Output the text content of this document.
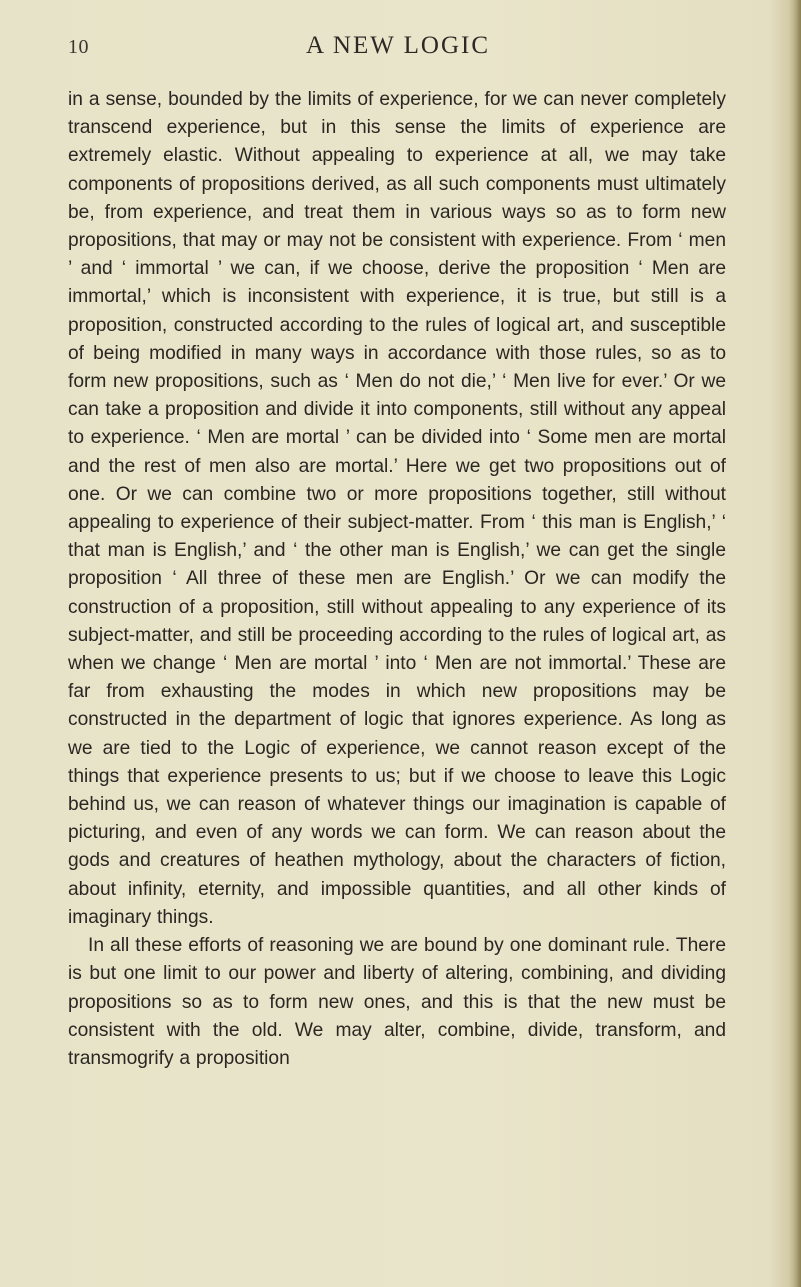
10	A NEW LOGIC

in a sense, bounded by the limits of experience, for we can never completely transcend experience, but in this sense the limits of experience are extremely elastic. Without appealing to experience at all, we may take components of propositions derived, as all such components must ultimately be, from experience, and treat them in various ways so as to form new propositions, that may or may not be consistent with experience. From ‘ men ’ and ‘ immortal ’ we can, if we choose, derive the proposition ‘ Men are immortal,’ which is inconsistent with experience, it is true, but still is a proposition, constructed according to the rules of logical art, and susceptible of being modified in many ways in accordance with those rules, so as to form new propositions, such as ‘ Men do not die,’ ‘ Men live for ever.’ Or we can take a proposition and divide it into components, still without any appeal to experience. ‘ Men are mortal ’ can be divided into ‘ Some men are mortal and the rest of men also are mortal.’ Here we get two propositions out of one. Or we can combine two or more propositions together, still without appealing to experience of their subject-matter. From ‘ this man is English,’ ‘ that man is English,’ and ‘ the other man is English,’ we can get the single proposition ‘ All three of these men are English.’ Or we can modify the construction of a proposition, still without appealing to any experience of its subject-matter, and still be proceeding according to the rules of logical art, as when we change ‘ Men are mortal ’ into ‘ Men are not immortal.’ These are far from exhausting the modes in which new propositions may be constructed in the department of logic that ignores experience. As long as we are tied to the Logic of experience, we cannot reason except of the things that experience presents to us; but if we choose to leave this Logic behind us, we can reason of whatever things our imagination is capable of picturing, and even of any words we can form. We can reason about the gods and creatures of heathen mythology, about the characters of fiction, about infinity, eternity, and impossible quantities, and all other kinds of imaginary things.

In all these efforts of reasoning we are bound by one dominant rule. There is but one limit to our power and liberty of altering, combining, and dividing propositions so as to form new ones, and this is that the new must be consistent with the old. We may alter, combine, divide, transform, and transmogrify a proposition
